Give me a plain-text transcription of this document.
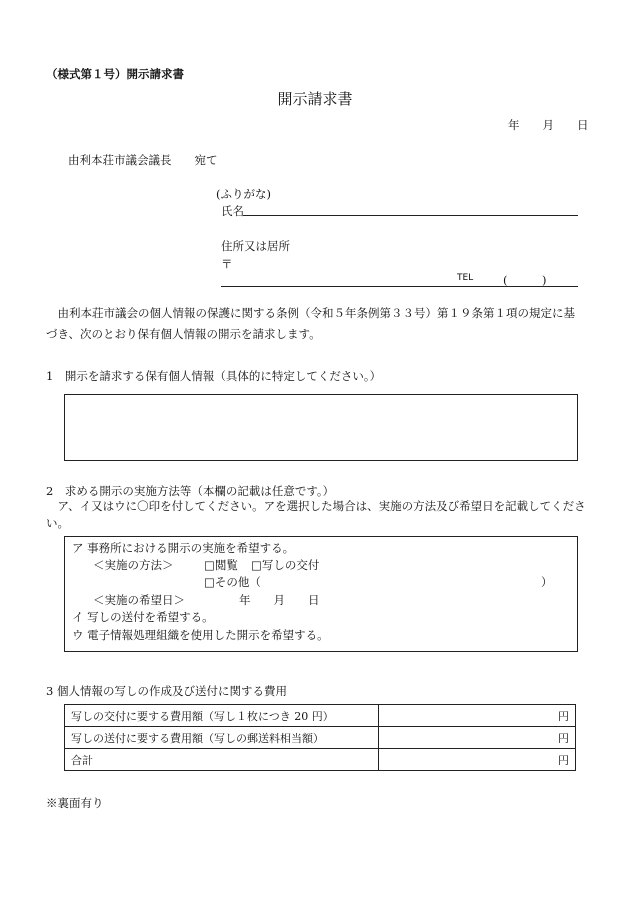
（様式第１号）開示請求書
開示請求書
年　　月　　日
由利本荘市議会議長　　宛て
(ふりがな)
氏名
住所又は居所
〒
TEL	(　　　)
　由利本荘市議会の個人情報の保護に関する条例（令和５年条例第３３号）第１９条第１項の規定に基づき、次のとおり保有個人情報の開示を請求します。
1　開示を請求する保有個人情報（具体的に特定してください。）
2　求める開示の実施方法等（本欄の記載は任意です。）
　ア、イ又はウに〇印を付してください。アを選択した場合は、実施の方法及び希望日を記載してください。
ア 事務所における開示の実施を希望する。
＜実施の方法＞	□閲覧 □写しの交付
□その他（	）
＜実施の希望日＞	年　　月　　日
イ 写しの送付を希望する。
ウ 電子情報処理組織を使用した開示を希望する。
3 個人情報の写しの作成及び送付に関する費用
写しの交付に要する費用額（写し１枚につき 20 円）	円
写しの送付に要する費用額（写しの郵送料相当額）	円
合計	円
※裏面有り
